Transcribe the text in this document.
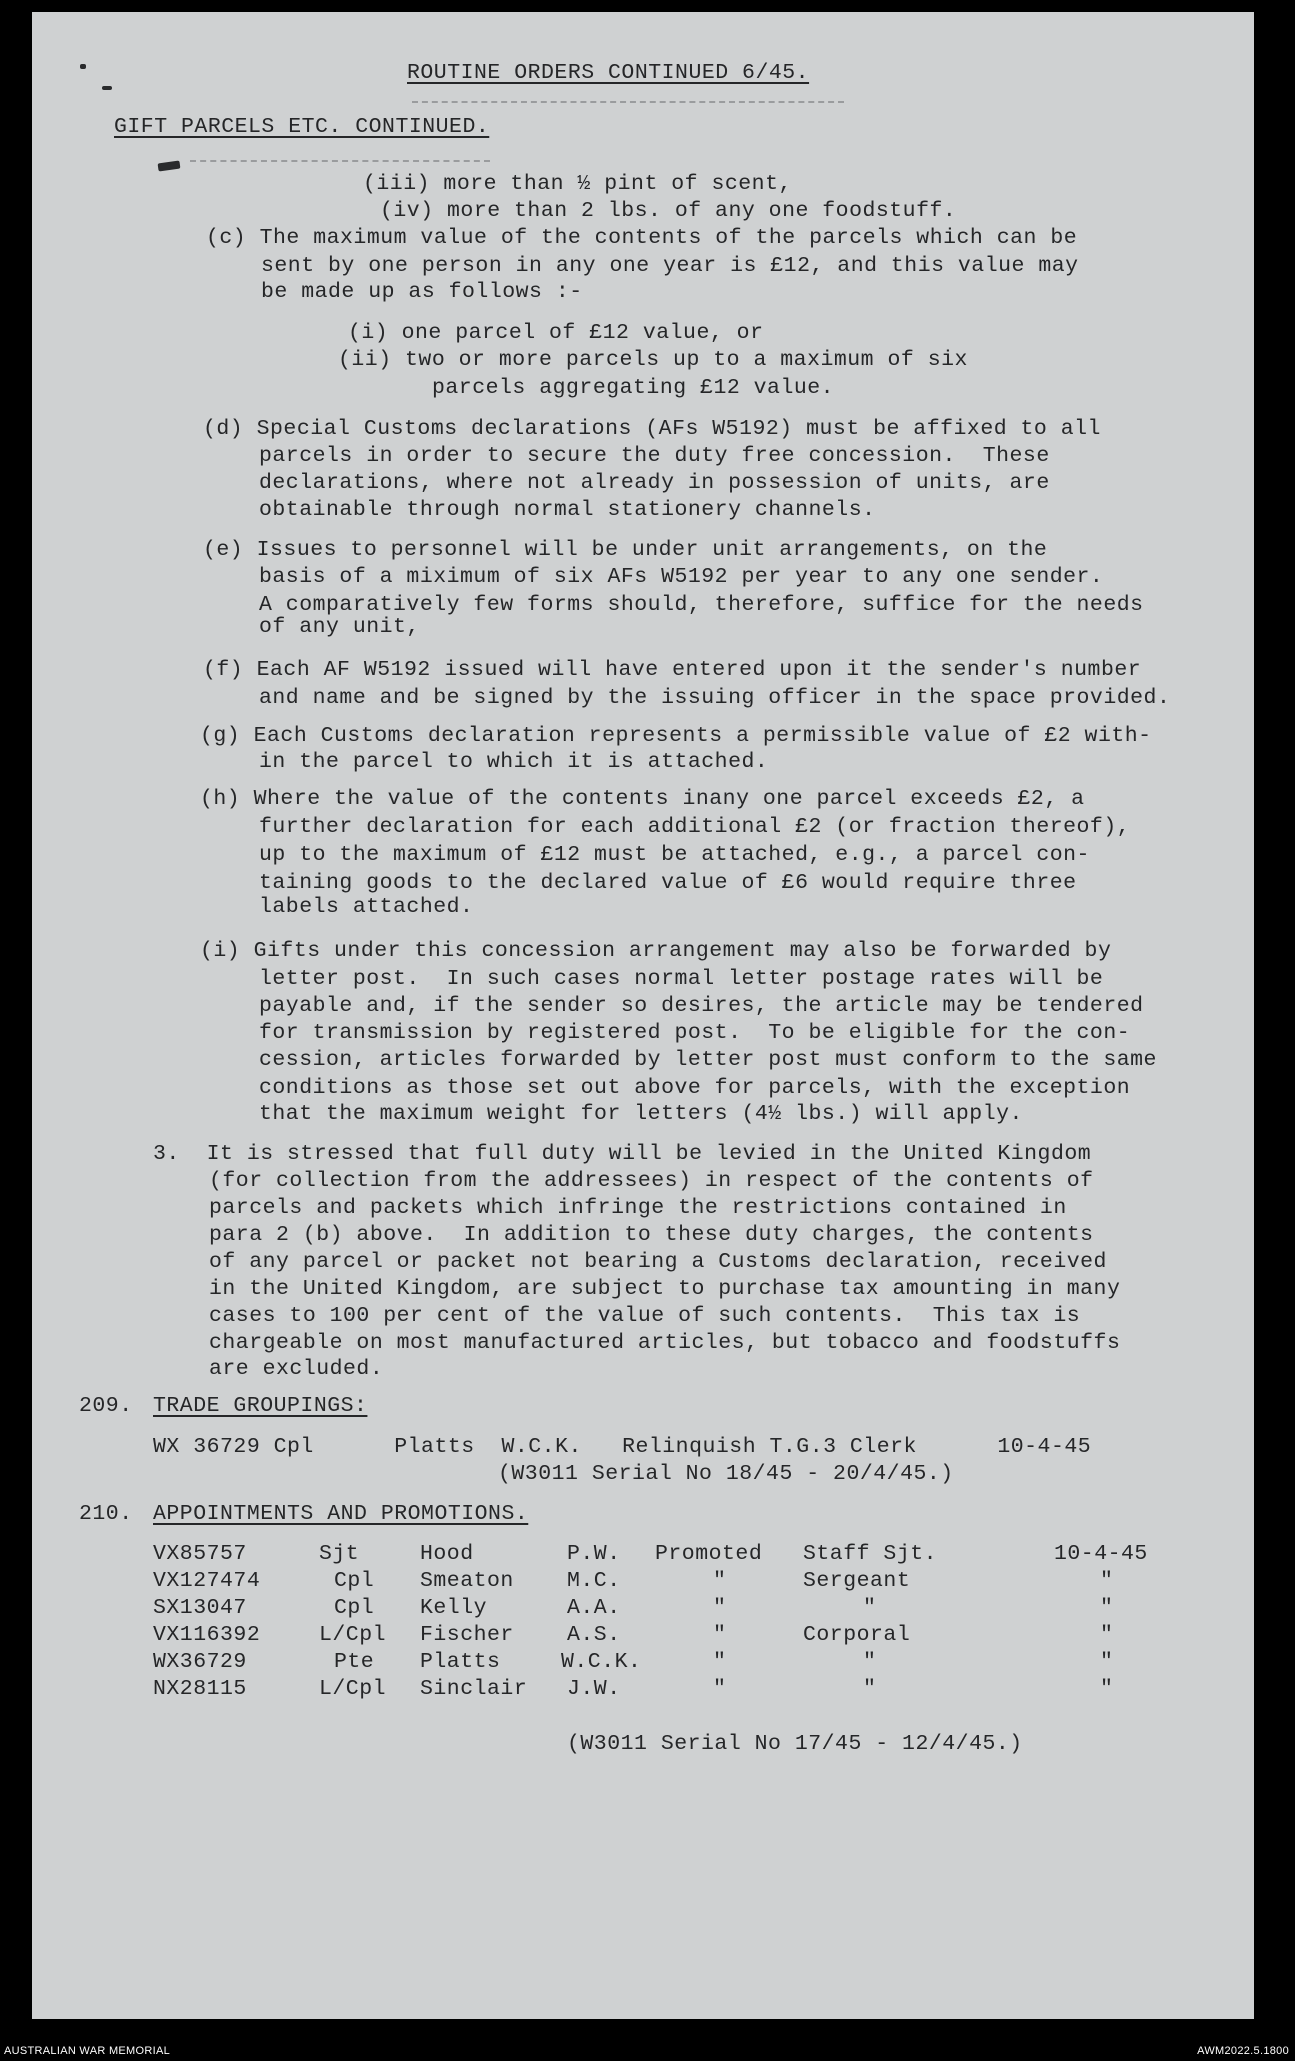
ROUTINE ORDERS CONTINUED 6/45.
GIFT PARCELS ETC. CONTINUED.
(iii) more than ½ pint of scent,
(iv) more than 2 lbs. of any one foodstuff.
(c) The maximum value of the contents of the parcels which can be
sent by one person in any one year is £12, and this value may
be made up as follows :-
(i) one parcel of £12 value, or
(ii) two or more parcels up to a maximum of six
parcels aggregating £12 value.
(d) Special Customs declarations (AFs W5192) must be affixed to all
parcels in order to secure the duty free concession.  These
declarations, where not already in possession of units, are
obtainable through normal stationery channels.
(e) Issues to personnel will be under unit arrangements, on the
basis of a miximum of six AFs W5192 per year to any one sender.
A comparatively few forms should, therefore, suffice for the needs
of any unit,
(f) Each AF W5192 issued will have entered upon it the sender's number
and name and be signed by the issuing officer in the space provided.
(g) Each Customs declaration represents a permissible value of £2 with-
in the parcel to which it is attached.
(h) Where the value of the contents inany one parcel exceeds £2, a
further declaration for each additional £2 (or fraction thereof),
up to the maximum of £12 must be attached, e.g., a parcel con-
taining goods to the declared value of £6 would require three
labels attached.
(i) Gifts under this concession arrangement may also be forwarded by
letter post.  In such cases normal letter postage rates will be
payable and, if the sender so desires, the article may be tendered
for transmission by registered post.  To be eligible for the con-
cession, articles forwarded by letter post must conform to the same
conditions as those set out above for parcels, with the exception
that the maximum weight for letters (4½ lbs.) will apply.
3.  It is stressed that full duty will be levied in the United Kingdom
(for collection from the addressees) in respect of the contents of
parcels and packets which infringe the restrictions contained in
para 2 (b) above.  In addition to these duty charges, the contents
of any parcel or packet not bearing a Customs declaration, received
in the United Kingdom, are subject to purchase tax amounting in many
cases to 100 per cent of the value of such contents.  This tax is
chargeable on most manufactured articles, but tobacco and foodstuffs
are excluded.
209. TRADE GROUPINGS:
WX 36729 Cpl      Platts  W.C.K.   Relinquish T.G.3 Clerk      10-4-45
(W3011 Serial No 18/45 - 20/4/45.)
210. APPOINTMENTS AND PROMOTIONS.
VX85757	Sjt	Hood	P.W. Promoted Staff Sjt.	10-4-45
VX127474	Cpl Smeaton M.C.	"	Sergeant	"
SX13047	Cpl Kelly	A.A.	"	"	"
VX116392	L/Cpl Fischer A.S.	"	Corporal	"
WX36729	Pte Platts	W.C.K.	"	"	"
NX28115	L/Cpl Sinclair J.W.	"	"	"
(W3011 Serial No 17/45 - 12/4/45.)
AUSTRALIAN WAR MEMORIAL	AWM2022.5.1800
